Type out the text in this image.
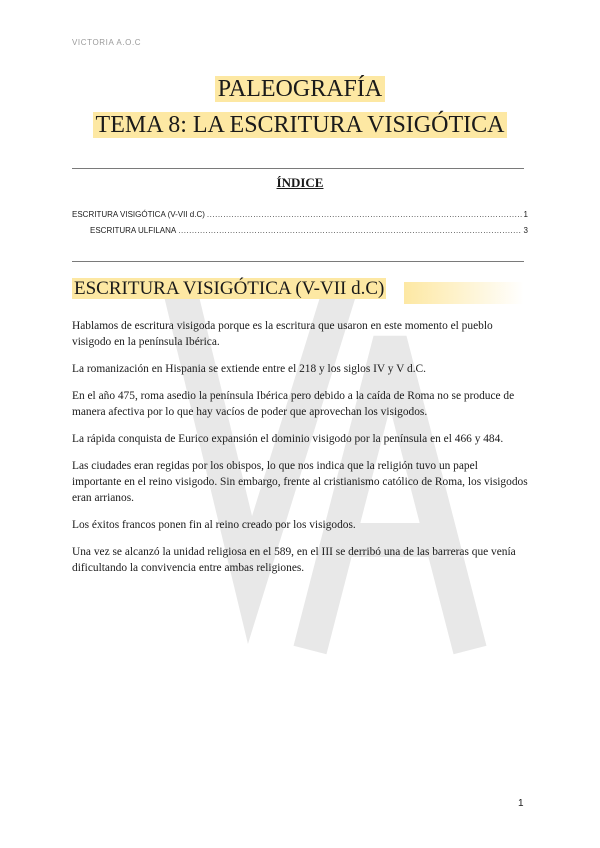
VICTORIA A.O.C
PALEOGRAFÍA
TEMA 8: LA ESCRITURA VISIGÓTICA
ÍNDICE
ESCRITURA VISIGÓTICA (V-VII d.C) .....	1
ESCRITURA ULFILANA .....	3
ESCRITURA VISIGÓTICA (V-VII d.C)

Hablamos de escritura visigoda porque es la escritura que usaron en este momento el pueblo visigodo en la península Ibérica.

La romanización en Hispania se extiende entre el 218 y los siglos IV y V d.C.

En el año 475, roma asedio la península Ibérica pero debido a la caída de Roma no se produce de manera afectiva por lo que hay vacíos de poder que aprovechan los visigodos.

La rápida conquista de Eurico expansión el dominio visigodo por la península en el 466 y 484.

Las ciudades eran regidas por los obispos, lo que nos indica que la religión tuvo un papel importante en el reino visigodo. Sin embargo, frente al cristianismo católico de Roma, los visigodos eran arrianos.

Los éxitos francos ponen fin al reino creado por los visigodos.

Una vez se alcanzó la unidad religiosa en el 589, en el III se derribó una de las barreras que venía dificultando la convivencia entre ambas religiones.

1
